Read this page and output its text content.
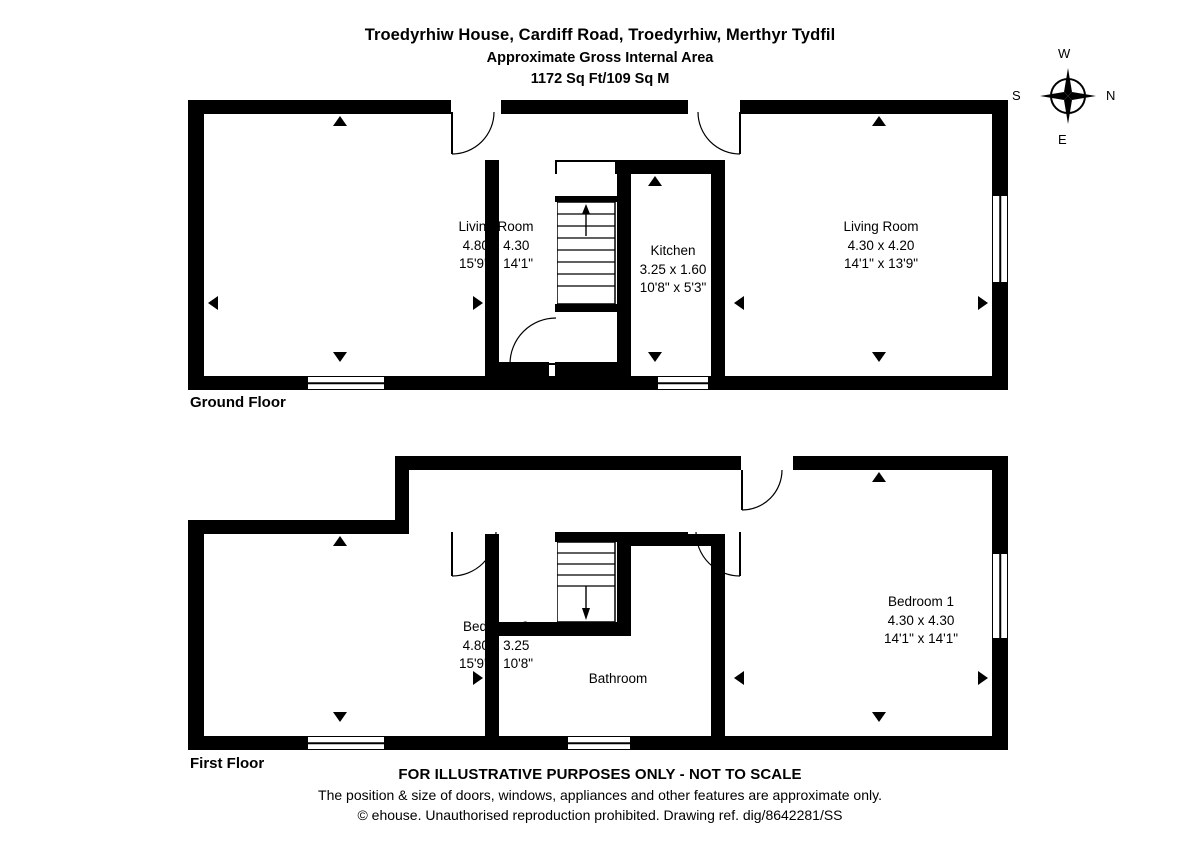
Troedyrhiw House, Cardiff Road, Troedyrhiw, Merthyr Tydfil
Approximate Gross Internal Area
1172 Sq Ft/109 Sq M
W
N
S
E
Living Room
4.80 x 4.30
15'9" x 14'1"
Kitchen
3.25 x 1.60
10'8" x 5'3"
Living Room
4.30 x 4.20
14'1" x 13'9"
Ground Floor
Bedroom 2
4.80 x 3.25
15'9" x 10'8"
Bathroom
Bedroom 1
4.30 x 4.30
14'1" x 14'1"
First Floor
FOR ILLUSTRATIVE PURPOSES ONLY - NOT TO SCALE
The position & size of doors, windows, appliances and other features are approximate only.
© ehouse. Unauthorised reproduction prohibited. Drawing ref. dig/8642281/SS
